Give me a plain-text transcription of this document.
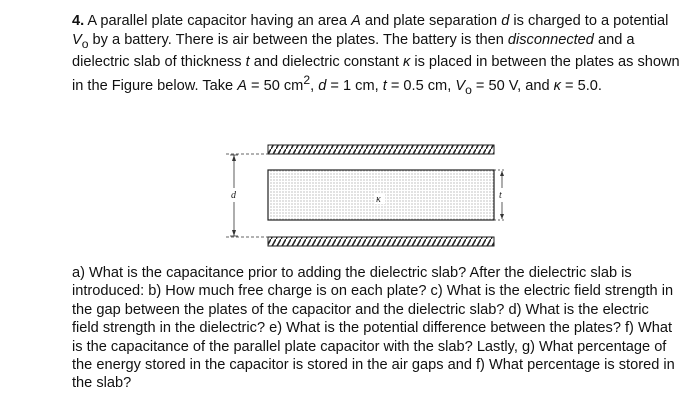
4. A parallel plate capacitor having an area A and plate separation d is charged to a potential $V_o$ by a battery. There is air between the plates. The battery is then disconnected and a dielectric slab of thickness t and dielectric constant κ is placed in between the plates as shown in the Figure below. Take A = 50 $cm^2$, d = 1 cm, t = 0.5 cm, $V_o = 50$ V, and κ = 5.0.

d	t
κ

a) What is the capacitance prior to adding the dielectric slab? After the dielectric slab is introduced: b) How much free charge is on each plate? c) What is the electric field strength in the gap between the plates of the capacitor and the dielectric slab? d) What is the electric field strength in the dielectric? e) What is the potential difference between the plates? f) What is the capacitance of the parallel plate capacitor with the slab? Lastly, g) What percentage of the energy stored in the capacitor is stored in the air gaps and f) What percentage is stored in the slab?
